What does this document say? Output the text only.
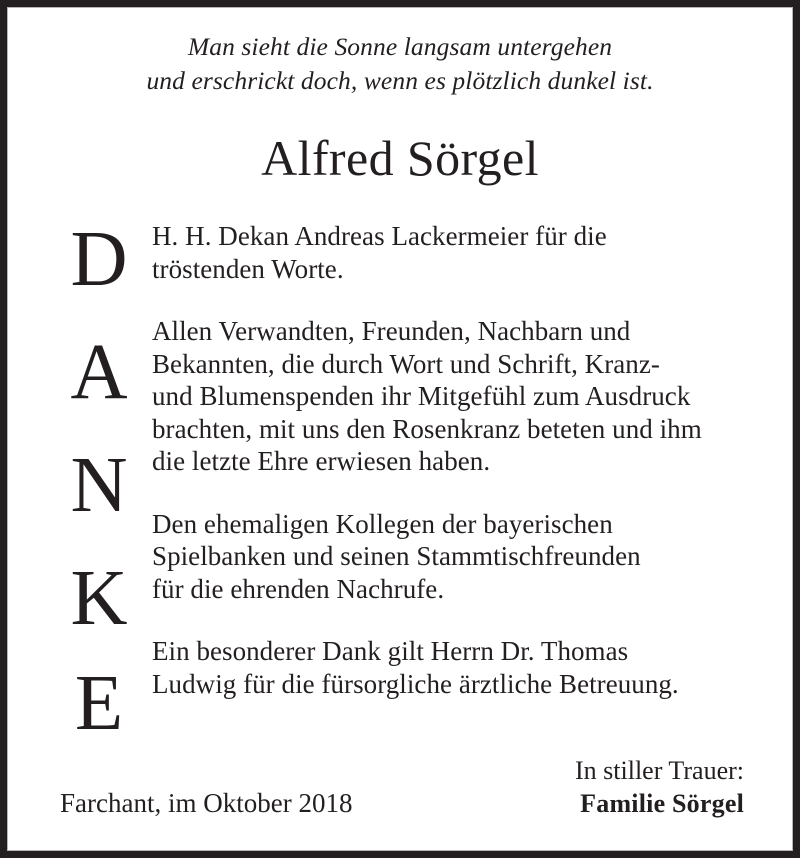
Man sieht die Sonne langsam untergehen
und erschrickt doch, wenn es plötzlich dunkel ist.
Alfred Sörgel
D
A
N
K
E

H. H. Dekan Andreas Lackermeier für die
tröstenden Worte.

Allen Verwandten, Freunden, Nachbarn und
Bekannten, die durch Wort und Schrift, Kranz-
und Blumenspenden ihr Mitgefühl zum Ausdruck
brachten, mit uns den Rosenkranz beteten und ihm
die letzte Ehre erwiesen haben.

Den ehemaligen Kollegen der bayerischen
Spielbanken und seinen Stammtischfreunden
für die ehrenden Nachrufe.

Ein besonderer Dank gilt Herrn Dr. Thomas
Ludwig für die fürsorgliche ärztliche Betreuung.

Farchant, im Oktober 2018
In stiller Trauer:
Familie Sörgel
